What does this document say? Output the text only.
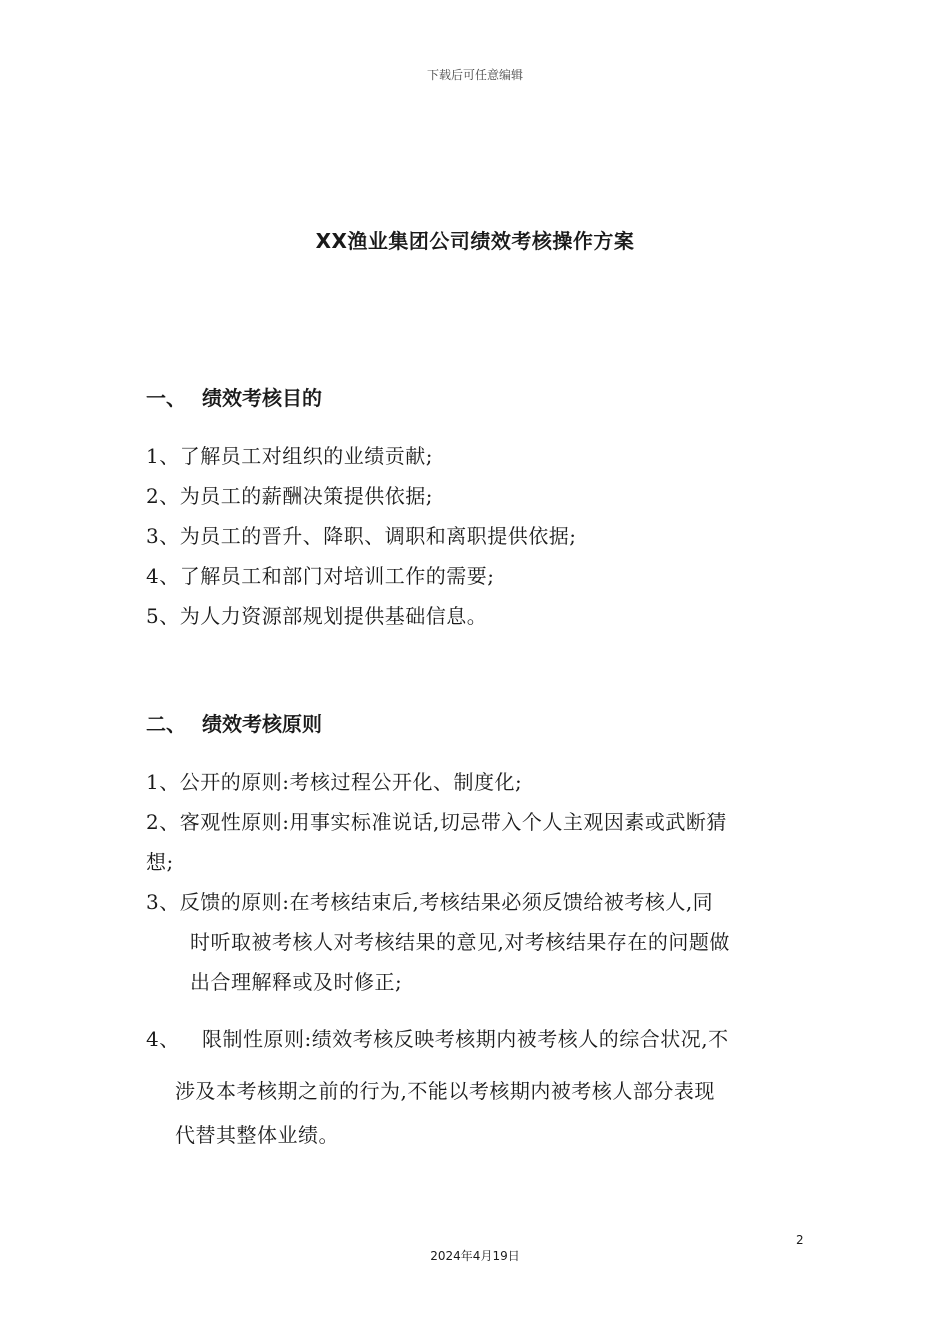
下载后可任意编辑
XX渔业集团公司绩效考核操作方案
一、 绩效考核目的
1、了解员工对组织的业绩贡献;
2、为员工的薪酬决策提供依据;
3、为员工的晋升、降职、调职和离职提供依据;
4、了解员工和部门对培训工作的需要;
5、为人力资源部规划提供基础信息。
二、 绩效考核原则
1、公开的原则:考核过程公开化、制度化;
2、客观性原则:用事实标准说话,切忌带入个人主观因素或武断猜
想;
3、反馈的原则:在考核结束后,考核结果必须反馈给被考核人,同
时听取被考核人对考核结果的意见,对考核结果存在的问题做
出合理解释或及时修正;
4、 限制性原则:绩效考核反映考核期内被考核人的综合状况,不
涉及本考核期之前的行为,不能以考核期内被考核人部分表现
代替其整体业绩。
2
2024年4月19日
